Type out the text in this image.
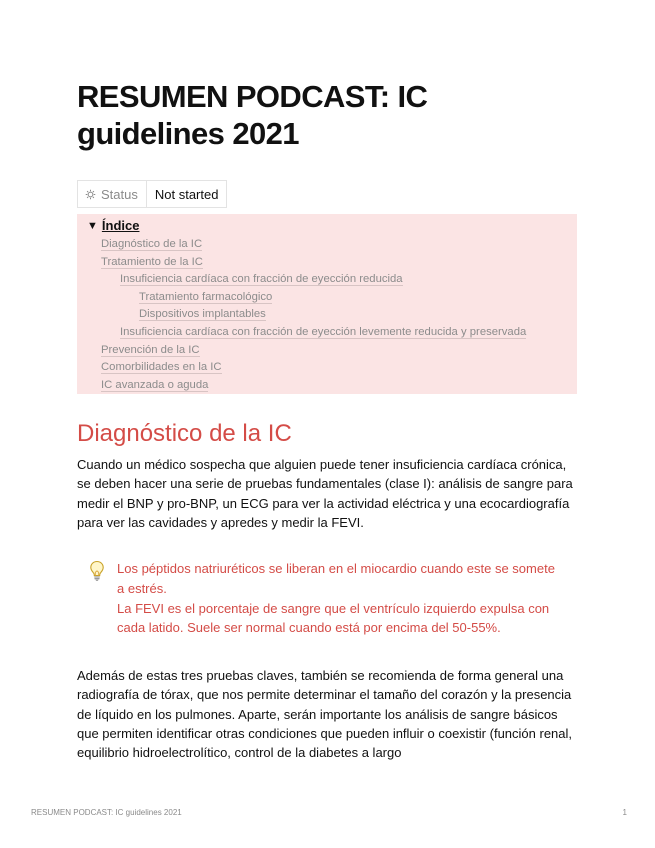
RESUMEN PODCAST: IC guidelines 2021
Status	Not started
▼ Índice
Diagnóstico de la IC
Tratamiento de la IC
Insuficiencia cardíaca con fracción de eyección reducida
Tratamiento farmacológico
Dispositivos implantables
Insuficiencia cardíaca con fracción de eyección levemente reducida y preservada
Prevención de la IC
Comorbilidades en la IC
IC avanzada o aguda
Diagnóstico de la IC

Cuando un médico sospecha que alguien puede tener insuficiencia cardíaca crónica, se deben hacer una serie de pruebas fundamentales (clase I): análisis de sangre para medir el BNP y pro-BNP, un ECG para ver la actividad eléctrica y una ecocardiografía para ver las cavidades y apredes y medir la FEVI.

Los péptidos natriuréticos se liberan en el miocardio cuando este se somete a estrés.
La FEVI es el porcentaje de sangre que el ventrículo izquierdo expulsa con cada latido. Suele ser normal cuando está por encima del 50-55%.

Además de estas tres pruebas claves, también se recomienda de forma general una radiografía de tórax, que nos permite determinar el tamaño del corazón y la presencia de líquido en los pulmones. Aparte, serán importante los análisis de sangre básicos que permiten identificar otras condiciones que pueden influir o coexistir (función renal, equilibrio hidroelectrolítico, control de la diabetes a largo

RESUMEN PODCAST: IC guidelines 2021	1
